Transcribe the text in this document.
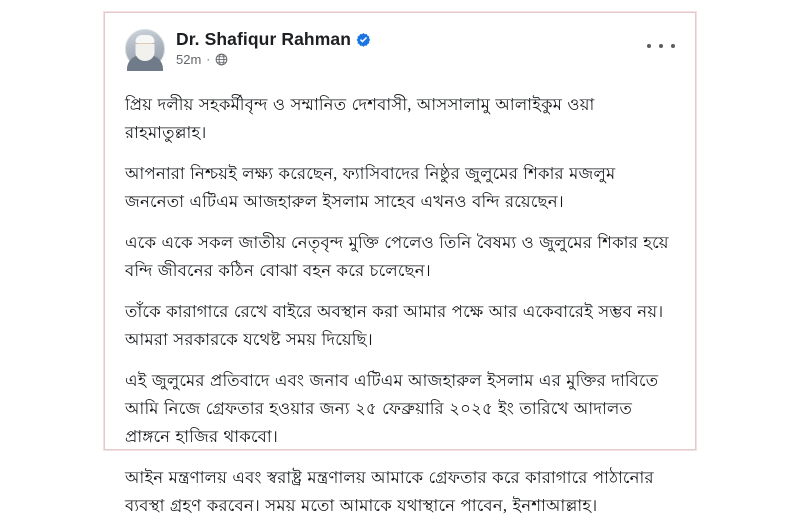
Dr. Shafiqur Rahman
52m ·

প্রিয় দলীয় সহকর্মীবৃন্দ ও সম্মানিত দেশবাসী, আসসালামু আলাইকুম ওয়া রাহমাতুল্লাহ।

আপনারা নিশ্চয়ই লক্ষ্য করেছেন, ফ্যাসিবাদের নিষ্ঠুর জুলুমের শিকার মজলুম জননেতা এটিএম আজহারুল ইসলাম সাহেব এখনও বন্দি রয়েছেন।

একে একে সকল জাতীয় নেতৃবৃন্দ মুক্তি পেলেও তিনি বৈষম্য ও জুলুমের শিকার হয়ে বন্দি জীবনের কঠিন বোঝা বহন করে চলেছেন।

তাঁকে কারাগারে রেখে বাইরে অবস্থান করা আমার পক্ষে আর একেবারেই সম্ভব নয়। আমরা সরকারকে যথেষ্ট সময় দিয়েছি।

এই জুলুমের প্রতিবাদে এবং জনাব এটিএম আজহারুল ইসলাম এর মুক্তির দাবিতে আমি নিজে গ্রেফতার হওয়ার জন্য ২৫ ফেব্রুয়ারি ২০২৫ ইং তারিখে আদালত প্রাঙ্গনে হাজির থাকবো।

আইন মন্ত্রণালয় এবং স্বরাষ্ট্র মন্ত্রণালয় আমাকে গ্রেফতার করে কারাগারে পাঠানোর ব্যবস্থা গ্রহণ করবেন। সময় মতো আমাকে যথাস্থানে পাবেন, ইনশাআল্লাহ।
